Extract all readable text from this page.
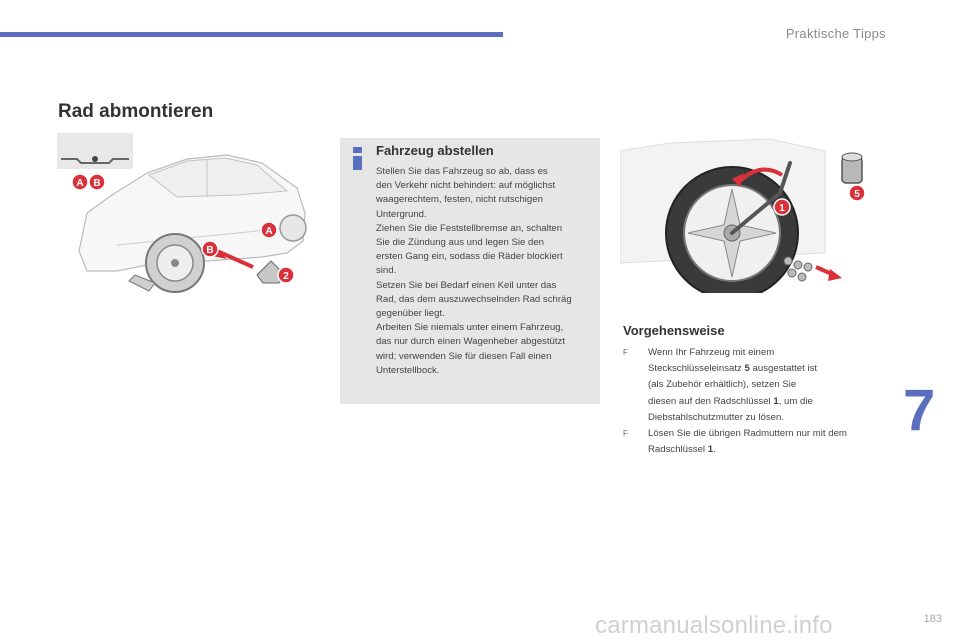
Praktische Tipps
Rad abmontieren
A B
A
B
2
Fahrzeug abstellen
Stellen Sie das Fahrzeug so ab, dass es
den Verkehr nicht behindert: auf möglichst
waagerechtem, festen, nicht rutschigen
Untergrund.
Ziehen Sie die Feststellbremse an, schalten
Sie die Zündung aus und legen Sie den
ersten Gang ein, sodass die Räder blockiert
sind.
Setzen Sie bei Bedarf einen Keil unter das
Rad, das dem auszuwechselnden Rad schräg
gegenüber liegt.
Arbeiten Sie niemals unter einem Fahrzeug,
das nur durch einen Wagenheber abgestützt
wird; verwenden Sie für diesen Fall einen
Unterstellbock.
1
5
Vorgehensweise
F Wenn Ihr Fahrzeug mit einem
Steckschlüsseleinsatz 5 ausgestattet ist
(als Zubehör erhältlich), setzen Sie
diesen auf den Radschlüssel 1, um die
Diebstahlschutzmutter zu lösen.
F Lösen Sie die übrigen Radmuttern nur mit dem
Radschlüssel 1.
7
carmanualsonline.info	183
